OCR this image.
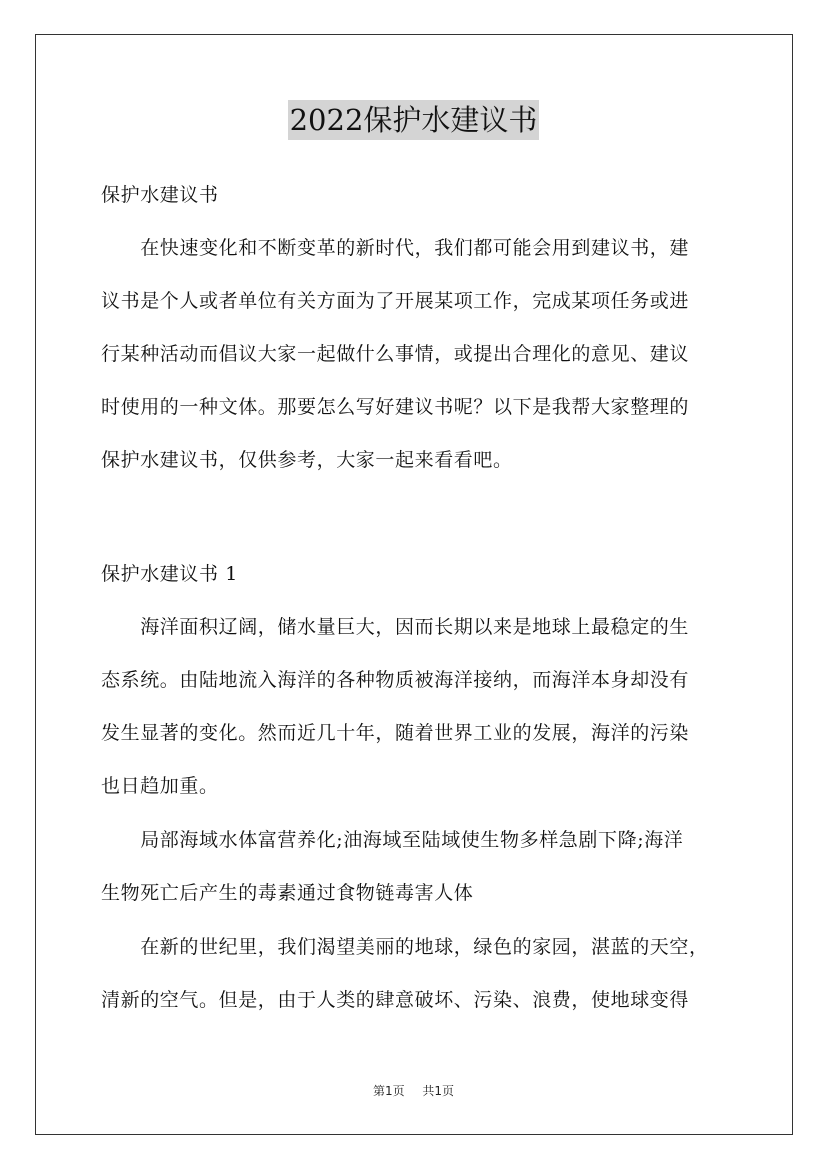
2022保护水建议书
保护水建议书
　　在快速变化和不断变革的新时代，我们都可能会用到建议书，建
议书是个人或者单位有关方面为了开展某项工作，完成某项任务或进
行某种活动而倡议大家一起做什么事情，或提出合理化的意见、建议
时使用的一种文体。那要怎么写好建议书呢？以下是我帮大家整理的
保护水建议书，仅供参考，大家一起来看看吧。
保护水建议书 1
　　海洋面积辽阔，储水量巨大，因而长期以来是地球上最稳定的生
态系统。由陆地流入海洋的各种物质被海洋接纳，而海洋本身却没有
发生显著的变化。然而近几十年，随着世界工业的发展，海洋的污染
也日趋加重。
　　局部海域水体富营养化;油海域至陆域使生物多样急剧下降;海洋
生物死亡后产生的毒素通过食物链毒害人体
　　在新的世纪里，我们渴望美丽的地球，绿色的家园，湛蓝的天空，
清新的空气。但是，由于人类的肆意破坏、污染、浪费，使地球变得
第1页 共1页
